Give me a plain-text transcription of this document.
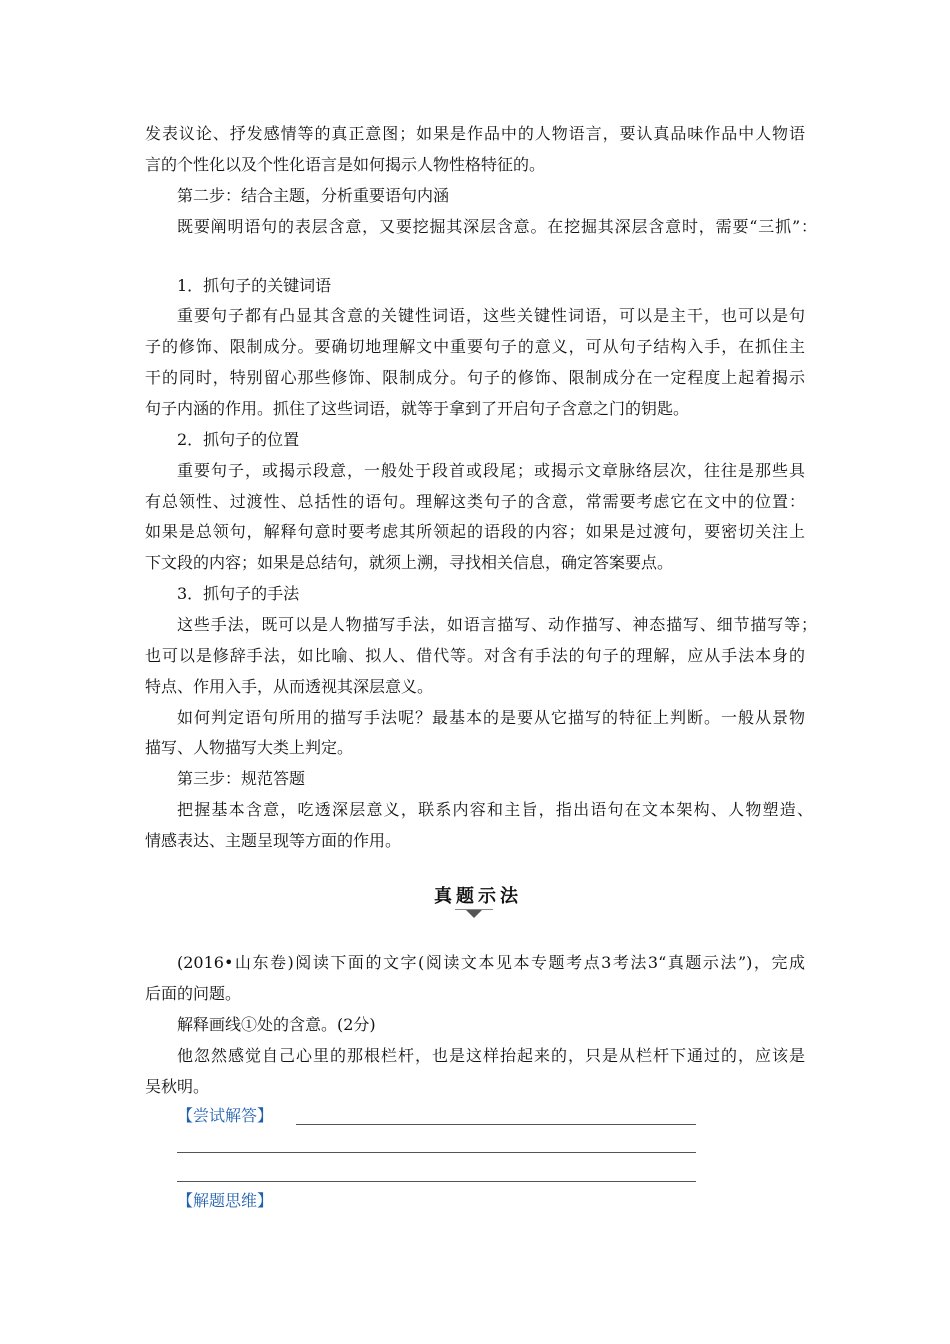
发表议论、抒发感情等的真正意图；如果是作品中的人物语言，要认真品味作品中人物语
言的个性化以及个性化语言是如何揭示人物性格特征的。
第二步：结合主题，分析重要语句内涵
既要阐明语句的表层含意，又要挖掘其深层含意。在挖掘其深层含意时，需要“三抓”：
1．抓句子的关键词语
重要句子都有凸显其含意的关键性词语，这些关键性词语，可以是主干，也可以是句
子的修饰、限制成分。要确切地理解文中重要句子的意义，可从句子结构入手，在抓住主
干的同时，特别留心那些修饰、限制成分。句子的修饰、限制成分在一定程度上起着揭示
句子内涵的作用。抓住了这些词语，就等于拿到了开启句子含意之门的钥匙。
2．抓句子的位置
重要句子，或揭示段意，一般处于段首或段尾；或揭示文章脉络层次，往往是那些具
有总领性、过渡性、总括性的语句。理解这类句子的含意，常需要考虑它在文中的位置：
如果是总领句，解释句意时要考虑其所领起的语段的内容；如果是过渡句，要密切关注上
下文段的内容；如果是总结句，就须上溯，寻找相关信息，确定答案要点。
3．抓句子的手法
这些手法，既可以是人物描写手法，如语言描写、动作描写、神态描写、细节描写等；
也可以是修辞手法，如比喻、拟人、借代等。对含有手法的句子的理解，应从手法本身的
特点、作用入手，从而透视其深层意义。
如何判定语句所用的描写手法呢？最基本的是要从它描写的特征上判断。一般从景物
描写、人物描写大类上判定。
第三步：规范答题
把握基本含意，吃透深层意义，联系内容和主旨，指出语句在文本架构、人物塑造、
情感表达、主题呈现等方面的作用。
真题示法
(2016•山东卷)阅读下面的文字(阅读文本见本专题考点3考法3“真题示法”)，完成
后面的问题。
解释画线①处的含意。(2分)
他忽然感觉自己心里的那根栏杆，也是这样抬起来的，只是从栏杆下通过的，应该是
吴秋明。
【尝试解答】
【解题思维】
